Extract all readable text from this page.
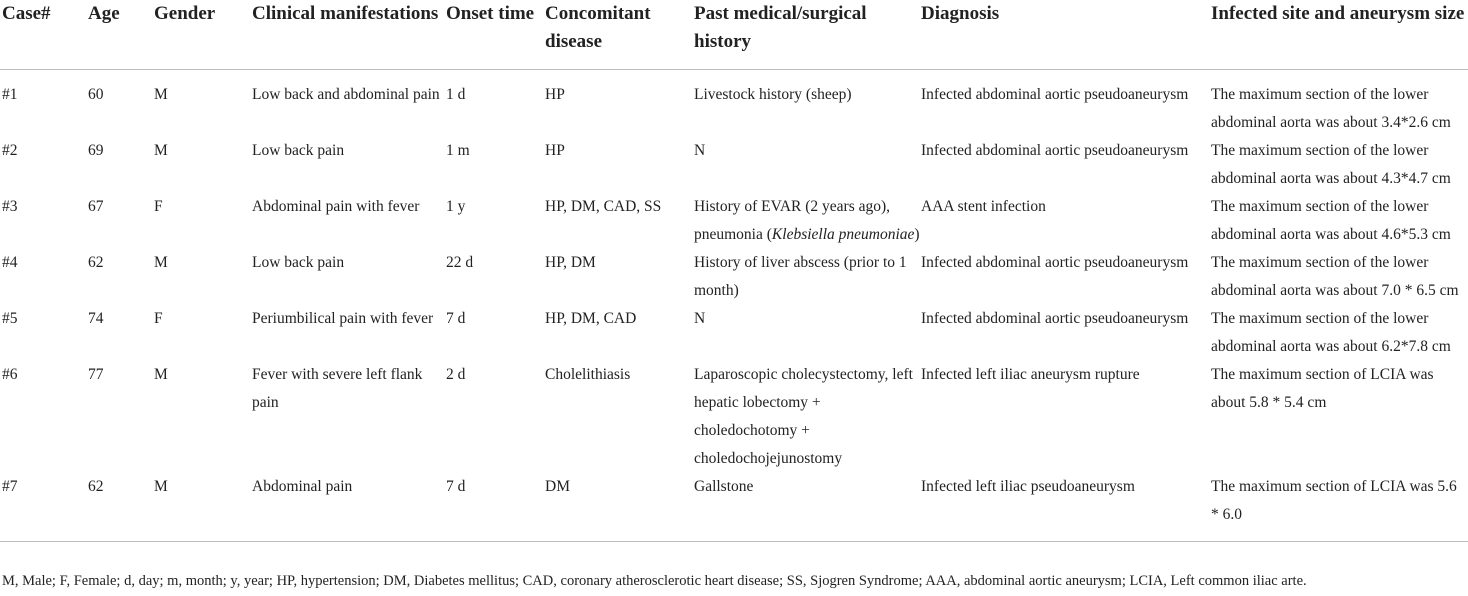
Case#	Age	Gender	Clinical manifestations	Onset time	Concomitant disease	Past medical/surgical history	Diagnosis	Infected site and aneurysm size
#1	60	M	Low back and abdominal pain	1 d	HP	Livestock history (sheep)	Infected abdominal aortic pseudoaneurysm	The maximum section of the lower abdominal aorta was about 3.4*2.6 cm
#2	69	M	Low back pain	1 m	HP	N	Infected abdominal aortic pseudoaneurysm	The maximum section of the lower abdominal aorta was about 4.3*4.7 cm
#3	67	F	Abdominal pain with fever	1 y	HP, DM, CAD, SS	History of EVAR (2 years ago), pneumonia (Klebsiella pneumoniae)	AAA stent infection	The maximum section of the lower abdominal aorta was about 4.6*5.3 cm
#4	62	M	Low back pain	22 d	HP, DM	History of liver abscess (prior to 1 month)	Infected abdominal aortic pseudoaneurysm	The maximum section of the lower abdominal aorta was about 7.0 * 6.5 cm
#5	74	F	Periumbilical pain with fever	7 d	HP, DM, CAD	N	Infected abdominal aortic pseudoaneurysm	The maximum section of the lower abdominal aorta was about 6.2*7.8 cm
#6	77	M	Fever with severe left flank pain	2 d	Cholelithiasis	Laparoscopic cholecystectomy, left hepatic lobectomy + choledochotomy + choledochojejunostomy	Infected left iliac aneurysm rupture	The maximum section of LCIA was about 5.8 * 5.4 cm
#7	62	M	Abdominal pain	7 d	DM	Gallstone	Infected left iliac pseudoaneurysm	The maximum section of LCIA was 5.6 * 6.0
M, Male; F, Female; d, day; m, month; y, year; HP, hypertension; DM, Diabetes mellitus; CAD, coronary atherosclerotic heart disease; SS, Sjogren Syndrome; AAA, abdominal aortic aneurysm; LCIA, Left common iliac arte.
